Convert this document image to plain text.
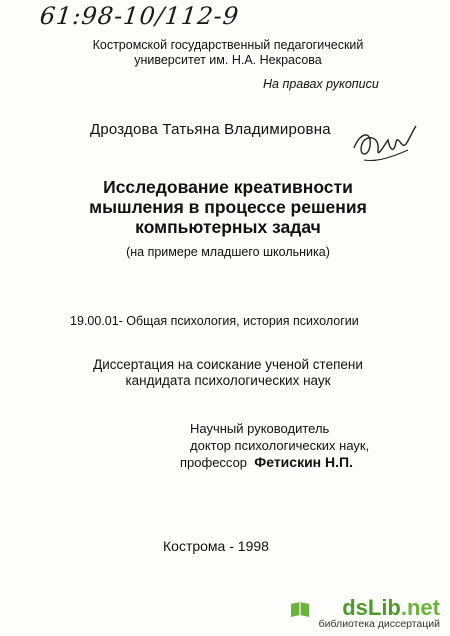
61:98-10/112-9
Костромской государственный педагогический
университет им. Н.А. Некрасова
На правах рукописи
Дроздова Татьяна Владимировна
Исследование креативности
мышления в процессе решения
компьютерных задач
(на примере младшего школьника)
19.00.01- Общая психология, история психологии
Диссертация на соискание ученой степени
кандидата психологических наук
Научный руководитель
доктор психологических наук,
профессор Фетискин Н.П.
Кострома - 1998
dsLib.net
библиотека диссертаций
